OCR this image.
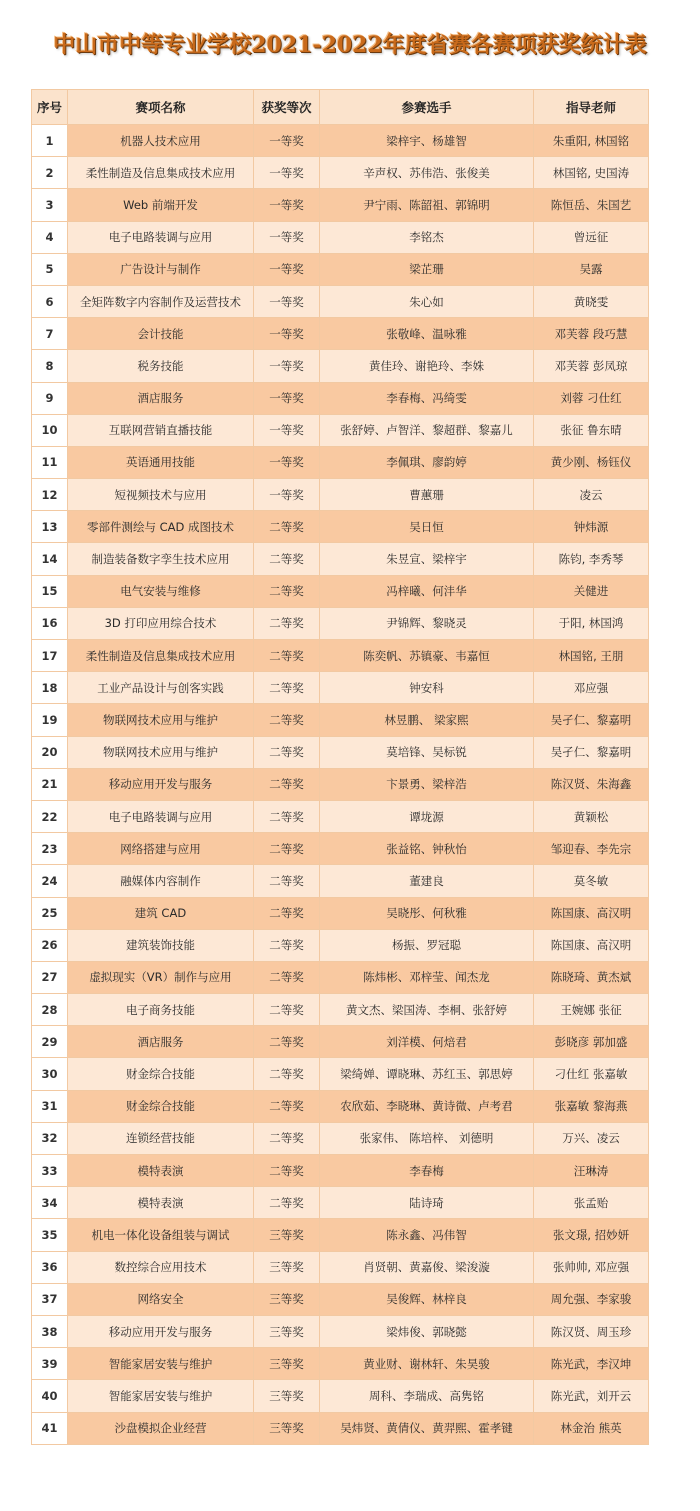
中山市中等专业学校2021-2022年度省赛各赛项获奖统计表
序号	赛项名称	获奖等次	参赛选手	指导老师
1	机器人技术应用	一等奖	梁梓宇、杨雄智	朱重阳, 林国铭
2	柔性制造及信息集成技术应用	一等奖	辛声权、苏伟浩、张俊美	林国铭, 史国涛
3	Web 前端开发	一等奖	尹宁雨、陈韶祖、郭锦明	陈恒岳、朱国艺
4	电子电路装调与应用	一等奖	李铭杰	曾远征
5	广告设计与制作	一等奖	梁芷珊	吴露
6	全矩阵数字内容制作及运营技术	一等奖	朱心如	黄晓雯
7	会计技能	一等奖	张敬峰、温咏雅	邓芙蓉 段巧慧
8	税务技能	一等奖	黄佳玲、谢艳玲、李姝	邓芙蓉 彭凤琼
9	酒店服务	一等奖	李春梅、冯绮雯	刘蓉 刁仕红
10	互联网营销直播技能	一等奖	张舒婷、卢智洋、黎超群、黎嘉儿	张征 鲁东晴
11	英语通用技能	一等奖	李佩琪、廖韵婷	黄少刚、杨钰仪
12	短视频技术与应用	一等奖	曹蕙珊	凌云
13	零部件测绘与 CAD 成图技术	二等奖	吴日恒	钟炜源
14	制造装备数字孪生技术应用	二等奖	朱昱宣、梁梓宇	陈钧, 李秀琴
15	电气安装与维修	二等奖	冯梓曦、何沣华	关健进
16	3D 打印应用综合技术	二等奖	尹锦辉、黎晓灵	于阳, 林国鸿
17	柔性制造及信息集成技术应用	二等奖	陈奕帆、苏镇豪、韦嘉恒	林国铭, 王朋
18	工业产品设计与创客实践	二等奖	钟安科	邓应强
19	物联网技术应用与维护	二等奖	林昱鹏、 梁家熙	吴孑仁、黎嘉明
20	物联网技术应用与维护	二等奖	莫培锋、吴标锐	吴孑仁、黎嘉明
21	移动应用开发与服务	二等奖	卞景勇、梁梓浩	陈汉贤、朱海鑫
22	电子电路装调与应用	二等奖	谭垅源	黄颖松
23	网络搭建与应用	二等奖	张益铭、钟秋怡	邹迎春、李先宗
24	融媒体内容制作	二等奖	董建良	莫冬敏
25	建筑 CAD	二等奖	吴晓彤、何秋雅	陈国康、高汉明
26	建筑装饰技能	二等奖	杨振、罗冠聪	陈国康、高汉明
27	虚拟现实（VR）制作与应用	二等奖	陈炜彬、邓梓莹、闻杰龙	陈晓琦、黄杰斌
28	电子商务技能	二等奖	黄文杰、梁国涛、李桐、张舒婷	王婉娜 张征
29	酒店服务	二等奖	刘洋模、何焙君	彭晓彦 郭加盛
30	财金综合技能	二等奖	梁绮婵、谭晓琳、苏红玉、郭思婷	刁仕红 张嘉敏
31	财金综合技能	二等奖	农欣茹、李晓琳、黄诗微、卢考君	张嘉敏 黎海燕
32	连锁经营技能	二等奖	张家伟、 陈培梓、 刘德明	万兴、凌云
33	模特表演	二等奖	李春梅	汪琳涛
34	模特表演	二等奖	陆诗琦	张孟贻
35	机电一体化设备组装与调试	三等奖	陈永鑫、冯伟智	张文璟, 招妙妍
36	数控综合应用技术	三等奖	肖贤朝、黄嘉俊、梁浚漩	张帅帅, 邓应强
37	网络安全	三等奖	吴俊辉、林梓良	周允强、李家骏
38	移动应用开发与服务	三等奖	梁炜俊、郭晓懿	陈汉贤、周玉珍
39	智能家居安装与维护	三等奖	黄业财、谢林轩、朱昊骏	陈光武，李汉坤
40	智能家居安装与维护	三等奖	周科、李瑞成、高隽铭	陈光武，刘开云
41	沙盘模拟企业经营	三等奖	吴炜贤、黄倩仪、黄羿熙、霍孝键	林金治 熊英
